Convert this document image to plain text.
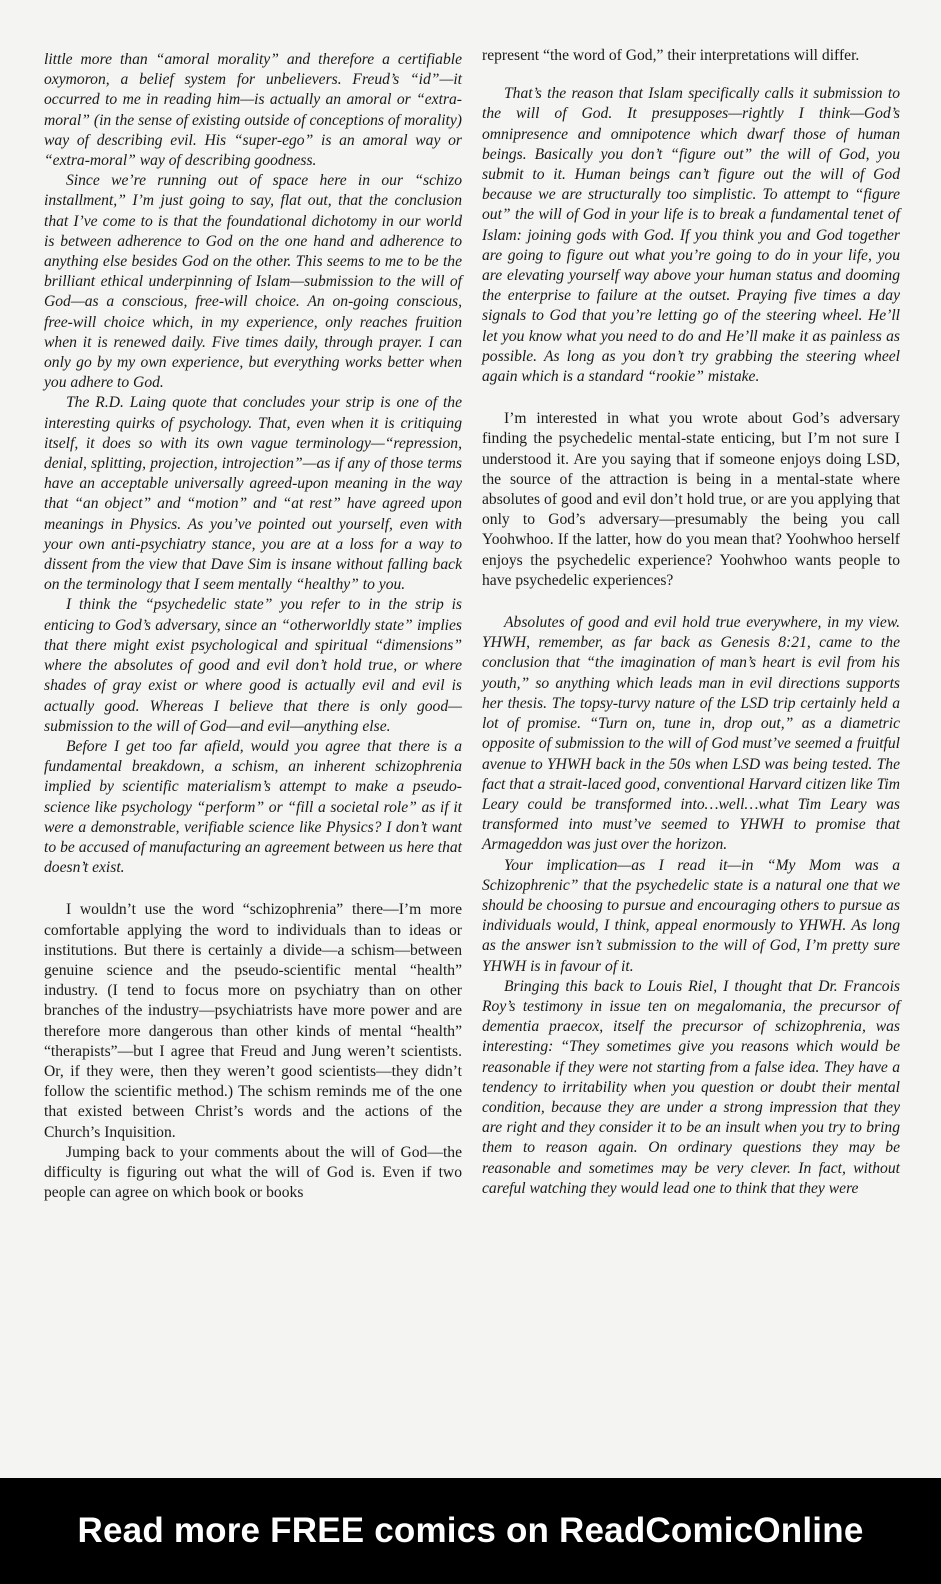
little more than “amoral morality” and therefore a certifiable oxymoron, a belief system for unbelievers. Freud’s “id”—it occurred to me in reading him—is actually an amoral or “extra-moral” (in the sense of existing outside of conceptions of morality) way of describing evil. His “super-ego” is an amoral way or “extra-moral” way of describing goodness.

Since we’re running out of space here in our “schizo installment,” I’m just going to say, flat out, that the conclusion that I’ve come to is that the foundational dichotomy in our world is between adherence to God on the one hand and adherence to anything else besides God on the other. This seems to me to be the brilliant ethical underpinning of Islam—submission to the will of God—as a conscious, free-will choice. An on-going conscious, free-will choice which, in my experience, only reaches fruition when it is renewed daily. Five times daily, through prayer. I can only go by my own experience, but everything works better when you adhere to God.

The R.D. Laing quote that concludes your strip is one of the interesting quirks of psychology. That, even when it is critiquing itself, it does so with its own vague terminology—“repression, denial, splitting, projection, introjection”—as if any of those terms have an acceptable universally agreed-upon meaning in the way that “an object” and “motion” and “at rest” have agreed upon meanings in Physics. As you’ve pointed out yourself, even with your own anti-psychiatry stance, you are at a loss for a way to dissent from the view that Dave Sim is insane without falling back on the terminology that I seem mentally “healthy” to you.

I think the “psychedelic state” you refer to in the strip is enticing to God’s adversary, since an “otherworldly state” implies that there might exist psychological and spiritual “dimensions” where the absolutes of good and evil don’t hold true, or where shades of gray exist or where good is actually evil and evil is actually good. Whereas I believe that there is only good—submission to the will of God—and evil—anything else.

Before I get too far afield, would you agree that there is a fundamental breakdown, a schism, an inherent schizophrenia implied by scientific materialism’s attempt to make a pseudo-science like psychology “perform” or “fill a societal role” as if it were a demonstrable, verifiable science like Physics? I don’t want to be accused of manufacturing an agreement between us here that doesn’t exist.

I wouldn’t use the word “schizophrenia” there—I’m more comfortable applying the word to individuals than to ideas or institutions. But there is certainly a divide—a schism—between genuine science and the pseudo-scientific mental “health” industry. (I tend to focus more on psychiatry than on other branches of the industry—psychiatrists have more power and are therefore more dangerous than other kinds of mental “health” “therapists”—but I agree that Freud and Jung weren’t scientists. Or, if they were, then they weren’t good scientists—they didn’t follow the scientific method.) The schism reminds me of the one that existed between Christ’s words and the actions of the Church’s Inquisition.

Jumping back to your comments about the will of God—the difficulty is figuring out what the will of God is. Even if two people can agree on which book or books

represent “the word of God,” their interpretations will differ.

That’s the reason that Islam specifically calls it submission to the will of God. It presupposes—rightly I think—God’s omnipresence and omnipotence which dwarf those of human beings. Basically you don’t “figure out” the will of God, you submit to it. Human beings can’t figure out the will of God because we are structurally too simplistic. To attempt to “figure out” the will of God in your life is to break a fundamental tenet of Islam: joining gods with God. If you think you and God together are going to figure out what you’re going to do in your life, you are elevating yourself way above your human status and dooming the enterprise to failure at the outset. Praying five times a day signals to God that you’re letting go of the steering wheel. He’ll let you know what you need to do and He’ll make it as painless as possible. As long as you don’t try grabbing the steering wheel again which is a standard “rookie” mistake.

I’m interested in what you wrote about God’s adversary finding the psychedelic mental-state enticing, but I’m not sure I understood it. Are you saying that if someone enjoys doing LSD, the source of the attraction is being in a mental-state where absolutes of good and evil don’t hold true, or are you applying that only to God’s adversary—presumably the being you call Yoohwhoo. If the latter, how do you mean that? Yoohwhoo herself enjoys the psychedelic experience? Yoohwhoo wants people to have psychedelic experiences?

Absolutes of good and evil hold true everywhere, in my view. YHWH, remember, as far back as Genesis 8:21, came to the conclusion that “the imagination of man’s heart is evil from his youth,” so anything which leads man in evil directions supports her thesis. The topsy-turvy nature of the LSD trip certainly held a lot of promise. “Turn on, tune in, drop out,” as a diametric opposite of submission to the will of God must’ve seemed a fruitful avenue to YHWH back in the 50s when LSD was being tested. The fact that a strait-laced good, conventional Harvard citizen like Tim Leary could be transformed into…well…what Tim Leary was transformed into must’ve seemed to YHWH to promise that Armageddon was just over the horizon.

Your implication—as I read it—in “My Mom was a Schizophrenic” that the psychedelic state is a natural one that we should be choosing to pursue and encouraging others to pursue as individuals would, I think, appeal enormously to YHWH. As long as the answer isn’t submission to the will of God, I’m pretty sure YHWH is in favour of it.

Bringing this back to Louis Riel, I thought that Dr. Francois Roy’s testimony in issue ten on megalomania, the precursor of dementia praecox, itself the precursor of schizophrenia, was interesting: “They sometimes give you reasons which would be reasonable if they were not starting from a false idea. They have a tendency to irritability when you question or doubt their mental condition, because they are under a strong impression that they are right and they consider it to be an insult when you try to bring them to reason again. On ordinary questions they may be reasonable and sometimes may be very clever. In fact, without careful watching they would lead one to think that they were

Read more FREE comics on ReadComicOnline
